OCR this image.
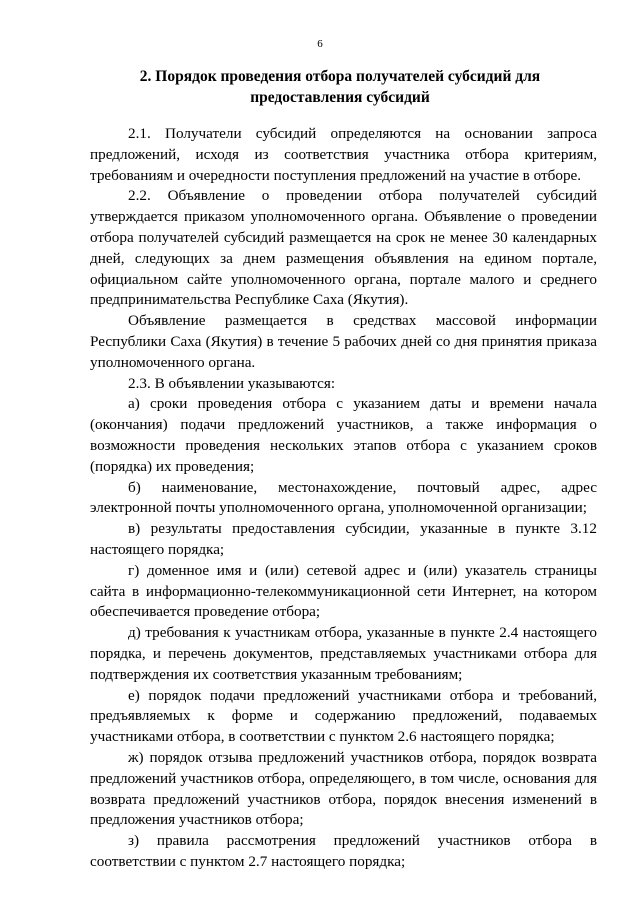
6
2. Порядок проведения отбора получателей субсидий для
предоставления субсидий

2.1. Получатели субсидий определяются на основании запроса предложений, исходя из соответствия участника отбора критериям, требованиям и очередности поступления предложений на участие в отборе.

2.2. Объявление о проведении отбора получателей субсидий утверждается приказом уполномоченного органа. Объявление о проведении отбора получателей субсидий размещается на срок не менее 30 календарных дней, следующих за днем размещения объявления на едином портале, официальном сайте уполномоченного органа, портале малого и среднего предпринимательства Республике Саха (Якутия).

Объявление размещается в средствах массовой информации Республики Саха (Якутия) в течение 5 рабочих дней со дня принятия приказа уполномоченного органа.

2.3. В объявлении указываются:

а) сроки проведения отбора с указанием даты и времени начала (окончания) подачи предложений участников, а также информация о возможности проведения нескольких этапов отбора с указанием сроков (порядка) их проведения;

б) наименование, местонахождение, почтовый адрес, адрес электронной почты уполномоченного органа, уполномоченной организации;

в) результаты предоставления субсидии, указанные в пункте 3.12 настоящего порядка;

г) доменное имя и (или) сетевой адрес и (или) указатель страницы сайта в информационно-телекоммуникационной сети Интернет, на котором обеспечивается проведение отбора;

д) требования к участникам отбора, указанные в пункте 2.4 настоящего порядка, и перечень документов, представляемых участниками отбора для подтверждения их соответствия указанным требованиям;

е) порядок подачи предложений участниками отбора и требований, предъявляемых к форме и содержанию предложений, подаваемых участниками отбора, в соответствии с пунктом 2.6 настоящего порядка;

ж) порядок отзыва предложений участников отбора, порядок возврата предложений участников отбора, определяющего, в том числе, основания для возврата предложений участников отбора, порядок внесения изменений в предложения участников отбора;

з) правила рассмотрения предложений участников отбора в соответствии с пунктом 2.7 настоящего порядка;
